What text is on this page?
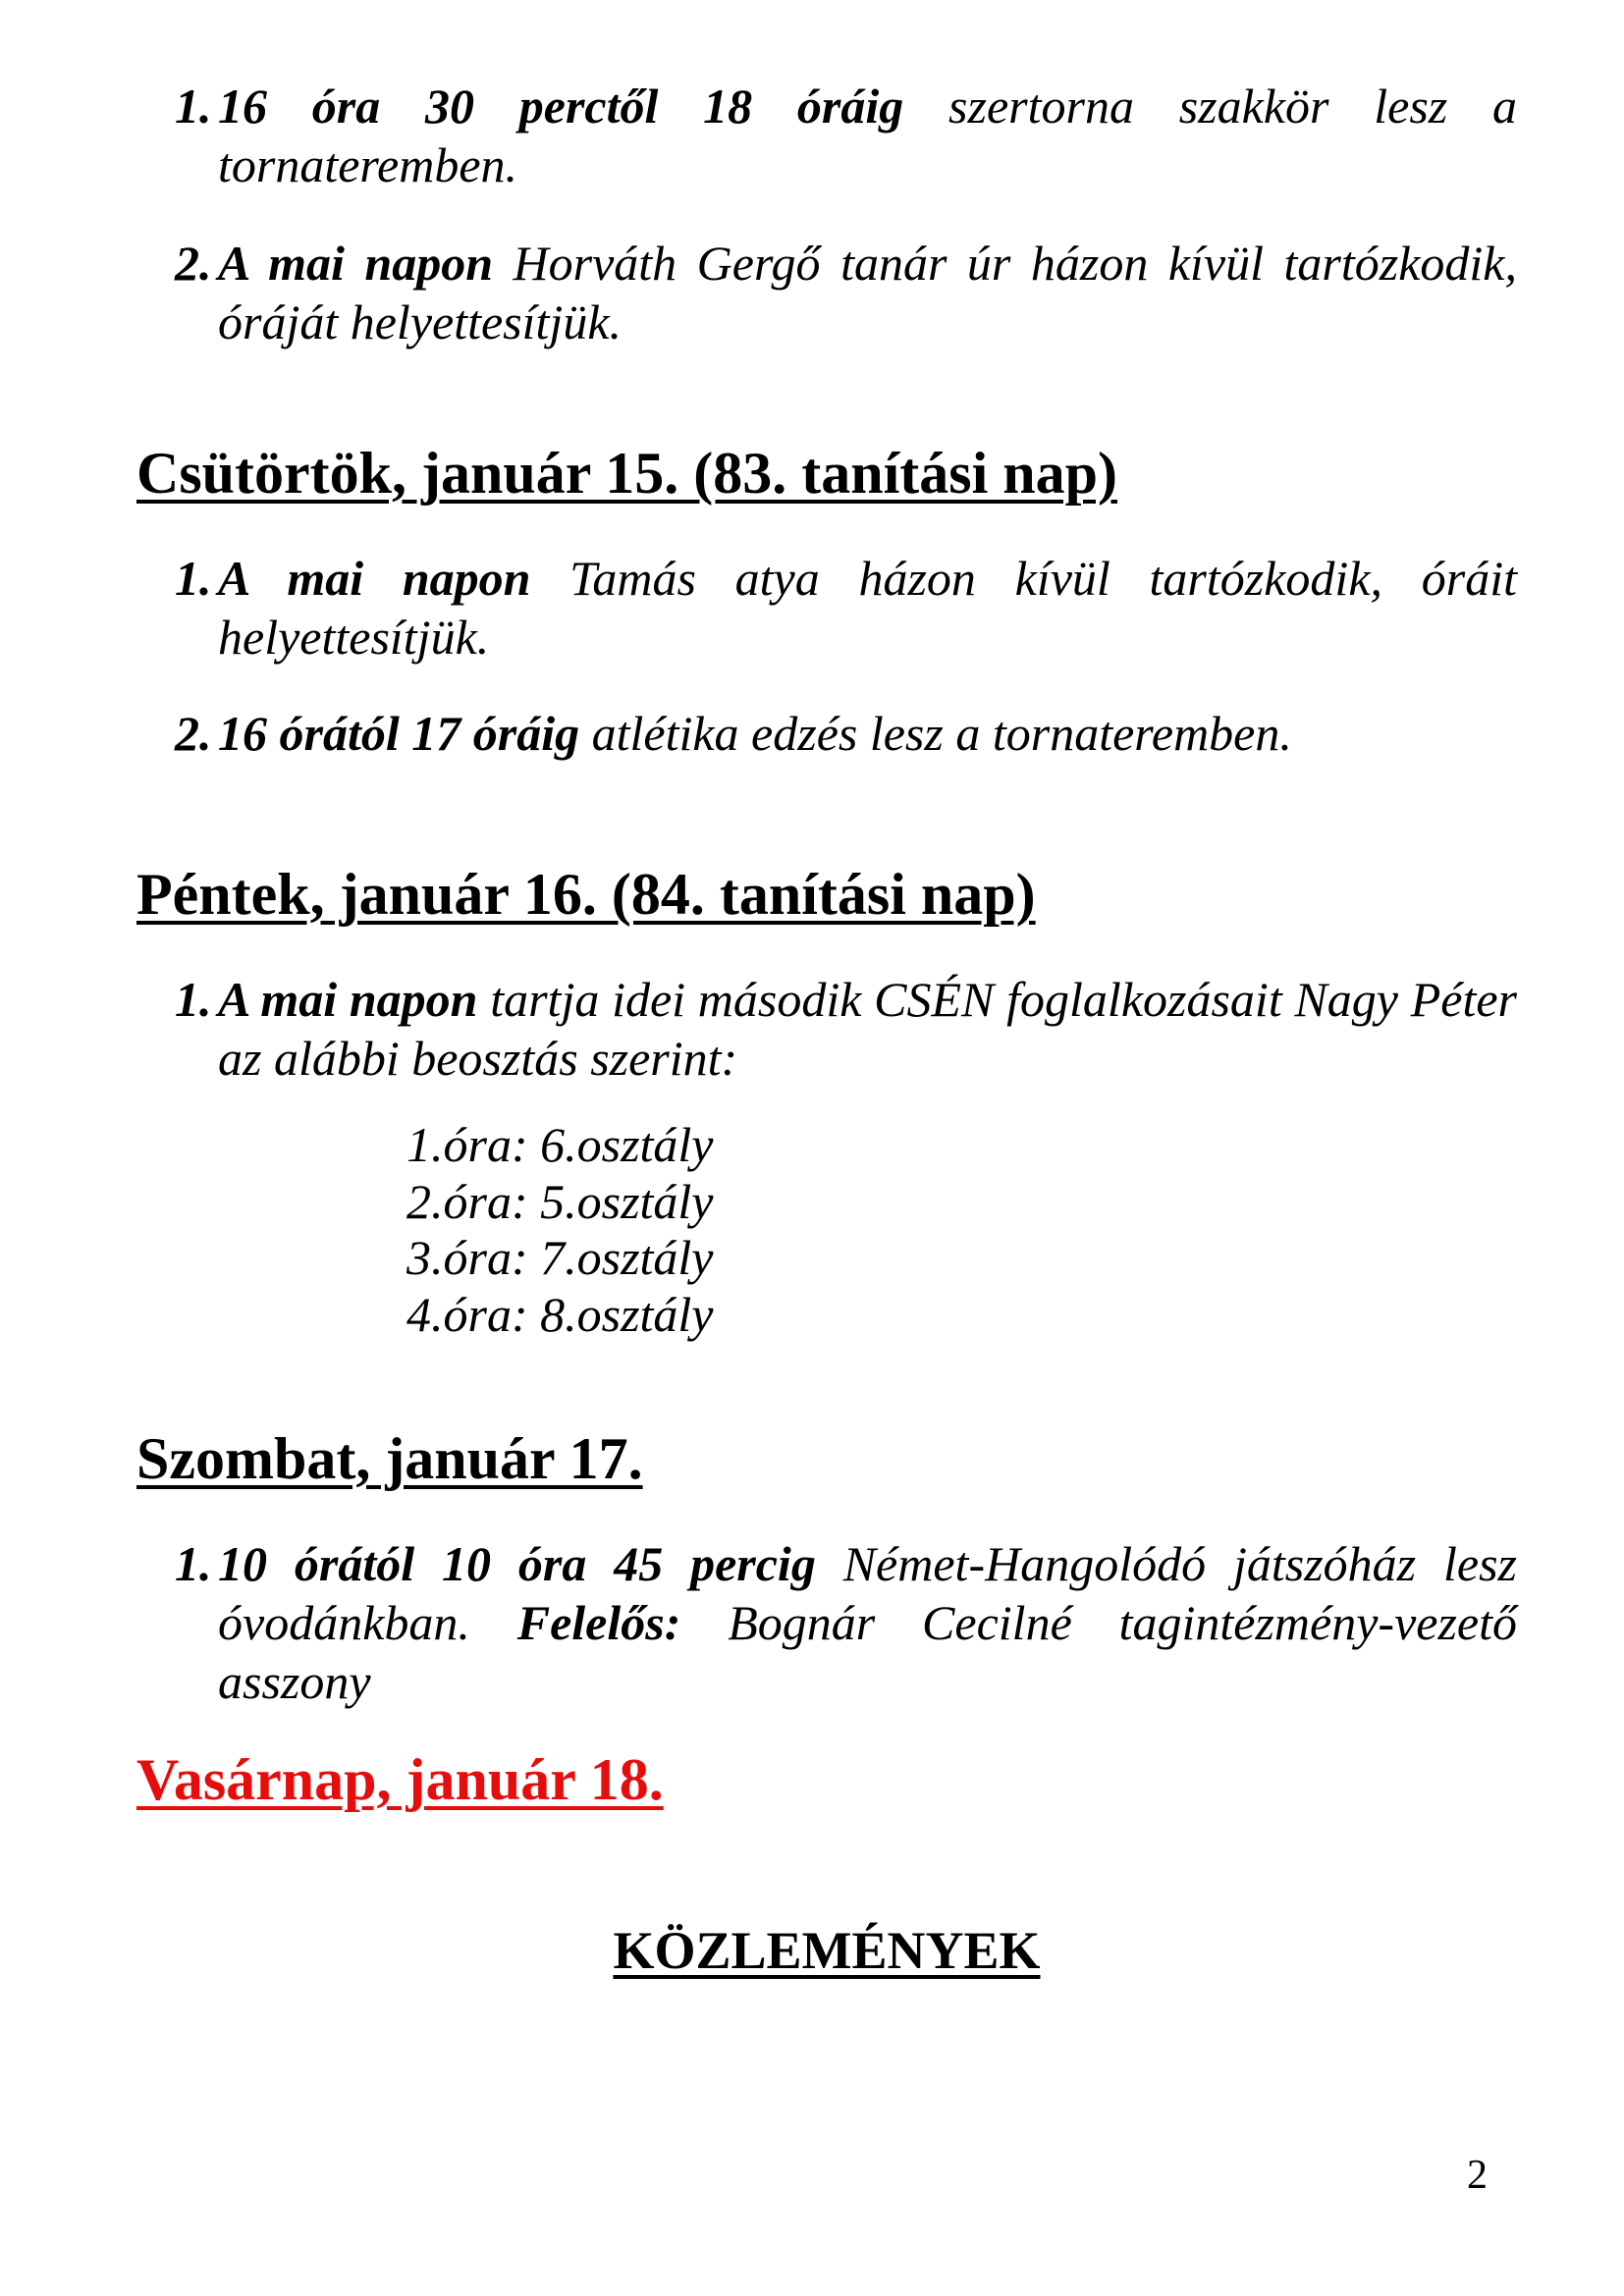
1. 16 óra 30 perctől 18 óráig szertorna szakkör lesz a tornateremben.
2. A mai napon Horváth Gergő tanár úr házon kívül tartózkodik, óráját helyettesítjük.
Csütörtök, január 15. (83. tanítási nap)
1. A mai napon Tamás atya házon kívül tartózkodik, óráit helyettesítjük.
2. 16 órától 17 óráig atlétika edzés lesz a tornateremben.
Péntek, január 16. (84. tanítási nap)
1. A mai napon tartja idei második CSÉN foglalkozásait Nagy Péter az alábbi beosztás szerint:
1.óra: 6.osztály
2.óra: 5.osztály
3.óra: 7.osztály
4.óra: 8.osztály
Szombat, január 17.
1. 10 órától 10 óra 45 percig Német-Hangolódó játszóház lesz óvodánkban. Felelős: Bognár Cecilné tagintézmény-vezető asszony
Vasárnap, január 18.
KÖZLEMÉNYEK
2
